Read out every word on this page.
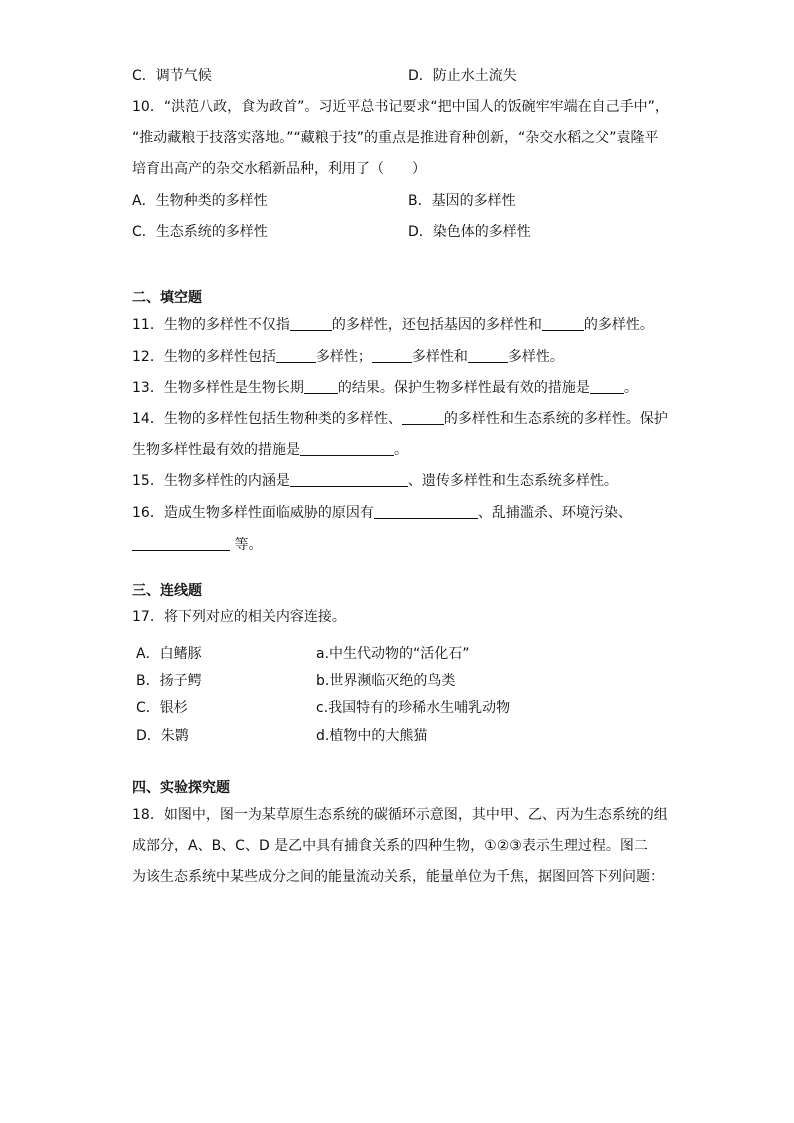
C．调节气候	D．防止水土流失
10．“洪范八政，食为政首”。习近平总书记要求“把中国人的饭碗牢牢端在自己手中”，
“推动藏粮于技落实落地。”“藏粮于技”的重点是推进育种创新，“杂交水稻之父”袁隆平
培育出高产的杂交水稻新品种，利用了（　　）
A．生物种类的多样性	B．基因的多样性
C．生态系统的多样性	D．染色体的多样性
二、填空题
11．生物的多样性不仅指	的多样性，还包括基因的多样性和	的多样性。
12．生物的多样性包括	多样性；	多样性和	多样性。
13．生物多样性是生物长期 的结果。保护生物多样性最有效的措施是 。
14．生物的多样性包括生物种类的多样性、	的多样性和生态系统的多样性。保护
生物多样性最有效的措施是	。
15．生物多样性的内涵是	、遗传多样性和生态系统多样性。
16．造成生物多样性面临威胁的原因有	、乱捕滥杀、环境污染、
等。
三、连线题
17．将下列对应的相关内容连接。
A．白鳍豚	a.中生代动物的“活化石”
B．扬子鳄	b.世界濒临灭绝的鸟类
C．银杉	c.我国特有的珍稀水生哺乳动物
D．朱鹮	d.植物中的大熊猫
四、实验探究题
18．如图中，图一为某草原生态系统的碳循环示意图，其中甲、乙、丙为生态系统的组
成部分，A、B、C、D 是乙中具有捕食关系的四种生物，①②③表示生理过程。图二
为该生态系统中某些成分之间的能量流动关系，能量单位为千焦，据图回答下列问题：
